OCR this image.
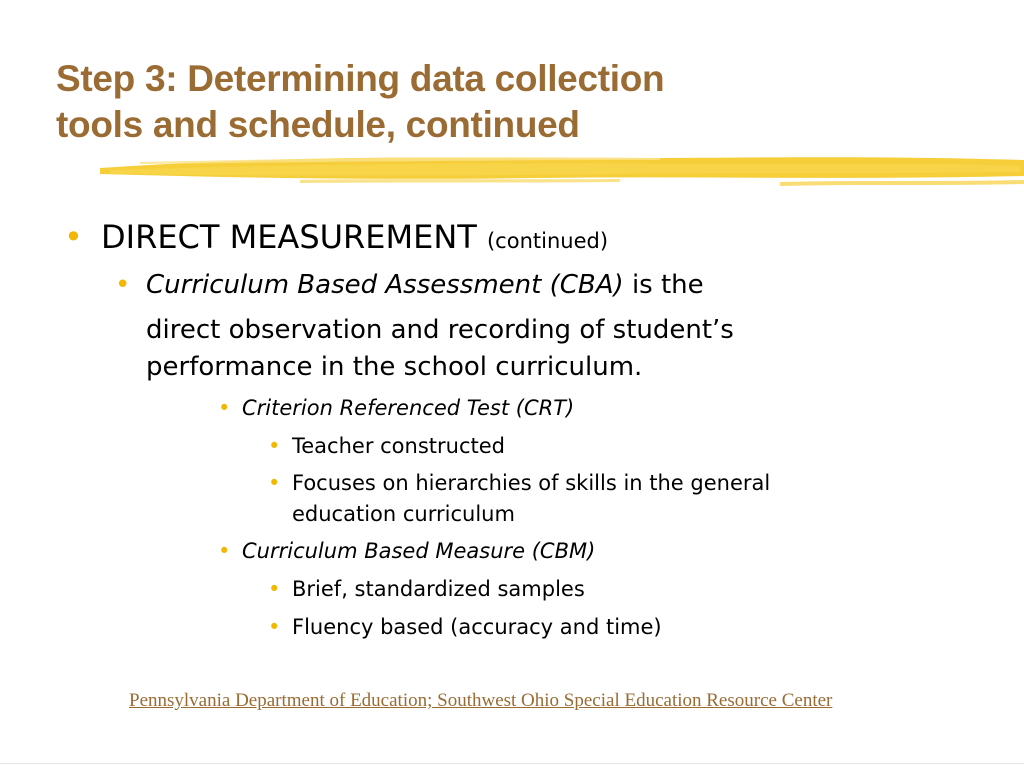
Step 3: Determining data collection
tools and schedule, continued
• DIRECT MEASUREMENT (continued)
• Curriculum Based Assessment (CBA) is the
direct observation and recording of student’s
performance in the school curriculum.
• Criterion Referenced Test (CRT)
• Teacher constructed
• Focuses on hierarchies of skills in the general
education curriculum
• Curriculum Based Measure (CBM)
• Brief, standardized samples
• Fluency based (accuracy and time)
Pennsylvania Department of Education; Southwest Ohio Special Education Resource Center
